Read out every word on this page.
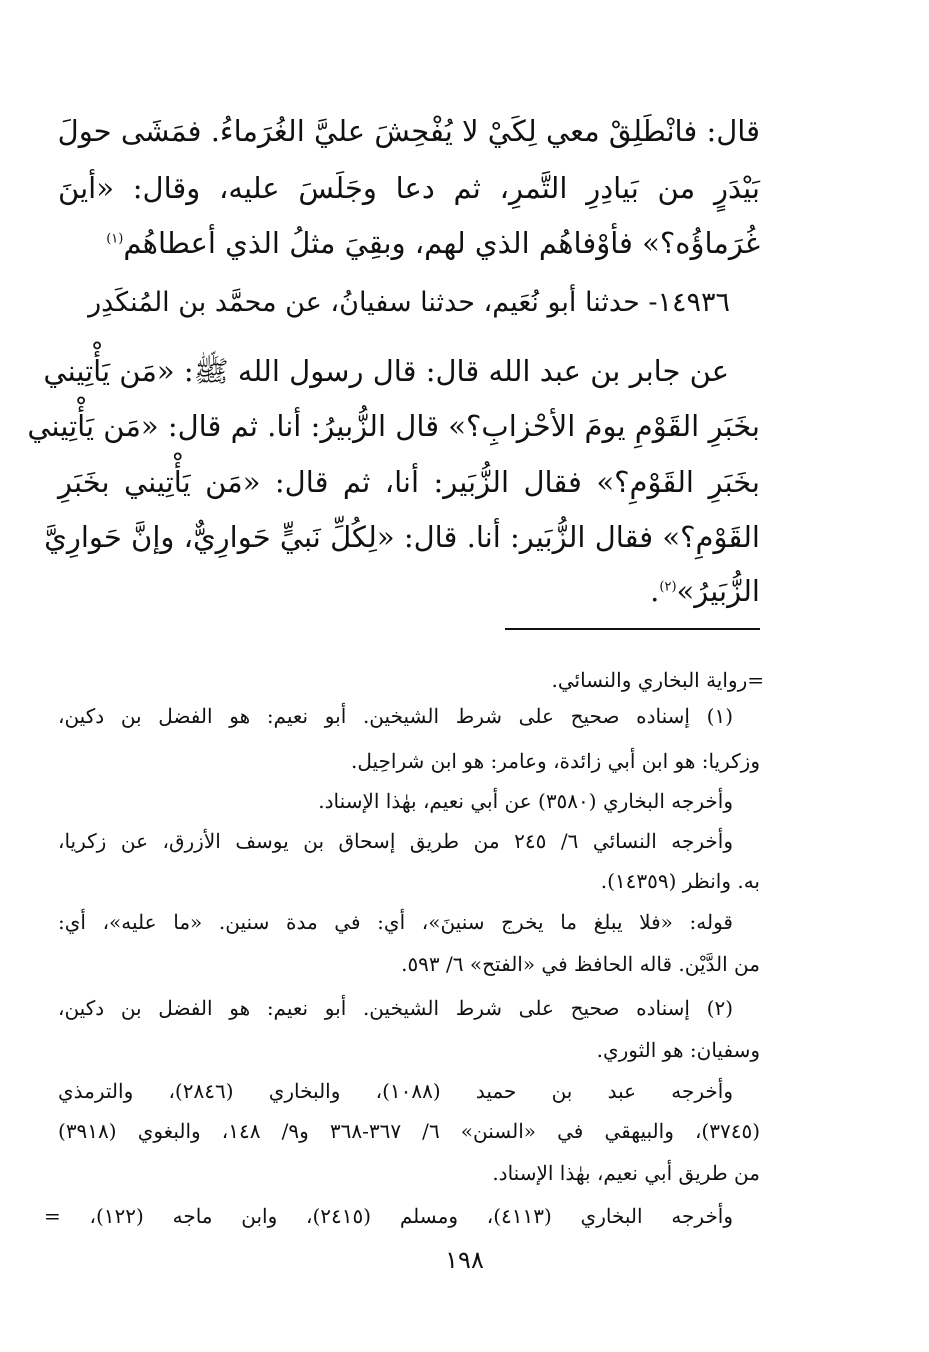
قال: فانْطَلِقْ معي لِكَيْ لا يُفْحِشَ عليَّ الغُرَماءُ. فمَشَى حولَ

بَيْدَرٍ من بَيادِرِ التَّمرِ، ثم دعا وجَلَسَ عليه، وقال: «أينَ

غُرَماؤُه؟» فأوْفاهُم الذي لهم، وبقِيَ مثلُ الذي أعطاهُم$^{(١)}$

١٤٩٣٦- حدثنا أبو نُعَيم، حدثنا سفيانُ، عن محمَّد بن المُنكَدِر

عن جابر بن عبد الله قال: قال رسول الله ﷺ: «مَن يَأْتِيني

بخَبَرِ القَوْمِ يومَ الأحْزابِ؟» قال الزُّبيرُ: أنا. ثم قال: «مَن يَأْتِيني

بخَبَرِ القَوْمِ؟» فقال الزُّبَير: أنا، ثم قال: «مَن يَأْتِيني بخَبَرِ

القَوْمِ؟» فقال الزُّبَير: أنا. قال: «لِكُلِّ نَبيٍّ حَوارِيٌّ، وإنَّ حَوارِيَّ

الزُّبَيرُ»$^{(٢)}$.

=رواية البخاري والنسائي.

(١) إسناده صحيح على شرط الشيخين. أبو نعيم: هو الفضل بن دكين،

وزكريا: هو ابن أبي زائدة، وعامر: هو ابن شراحِيل.

وأخرجه البخاري (٣٥٨٠) عن أبي نعيم، بهٰذا الإسناد.

وأخرجه النسائي ٦/ ٢٤٥ من طريق إسحاق بن يوسف الأزرق، عن زكريا،

به. وانظر (١٤٣٥٩).

قوله: «فلا يبلغ ما يخرج سنينَ»، أي: في مدة سنين. «ما عليه»، أي:

من الدَّيْن. قاله الحافظ في «الفتح» ٦/ ٥٩٣.

(٢) إسناده صحيح على شرط الشيخين. أبو نعيم: هو الفضل بن دكين،

وسفيان: هو الثوري.

وأخرجه عبد بن حميد (١٠٨٨)، والبخاري (٢٨٤٦)، والترمذي

(٣٧٤٥)، والبيهقي في «السنن» ٦/ ٣٦٧-٣٦٨ و٩/ ١٤٨، والبغوي (٣٩١٨)

من طريق أبي نعيم، بهٰذا الإسناد.

وأخرجه البخاري (٤١١٣)، ومسلم (٢٤١٥)، وابن ماجه (١٢٢)، =

١٩٨
